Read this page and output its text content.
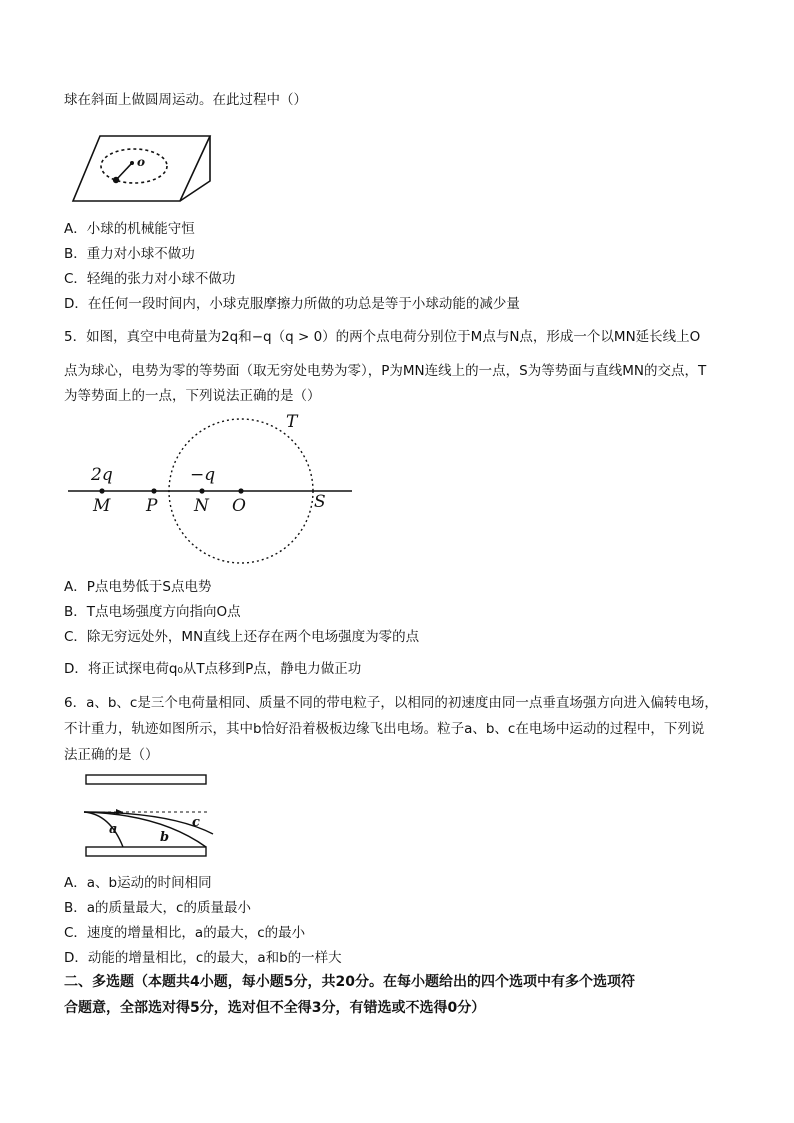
球在斜面上做圆周运动。在此过程中（）
o
A．小球的机械能守恒
B．重力对小球不做功
C．轻绳的张力对小球不做功
D．在任何一段时间内，小球克服摩擦力所做的功总是等于小球动能的减少量
5．如图，真空中电荷量为2q和−q（q > 0）的两个点电荷分别位于M点与N点，形成一个以MN延长线上O
点为球心，电势为零的等势面（取无穷处电势为零），P为MN连线上的一点，S为等势面与直线MN的交点，T
为等势面上的一点，下列说法正确的是（）
T
2q	−q
M P N O	S
A．P点电势低于S点电势
B．T点电场强度方向指向O点
C．除无穷远处外，MN直线上还存在两个电场强度为零的点
D．将正试探电荷q₀从T点移到P点，静电力做正功
6．a、b、c是三个电荷量相同、质量不同的带电粒子，以相同的初速度由同一点垂直场强方向进入偏转电场，
不计重力，轨迹如图所示，其中b恰好沿着极板边缘飞出电场。粒子a、b、c在电场中运动的过程中，下列说
法正确的是（）
a
b
c
A．a、b运动的时间相同
B．a的质量最大，c的质量最小
C．速度的增量相比，a的最大，c的最小
D．动能的增量相比，c的最大，a和b的一样大
二、多选题（本题共4小题，每小题5分，共20分。在每小题给出的四个选项中有多个选项符
合题意，全部选对得5分，选对但不全得3分，有错选或不选得0分）
